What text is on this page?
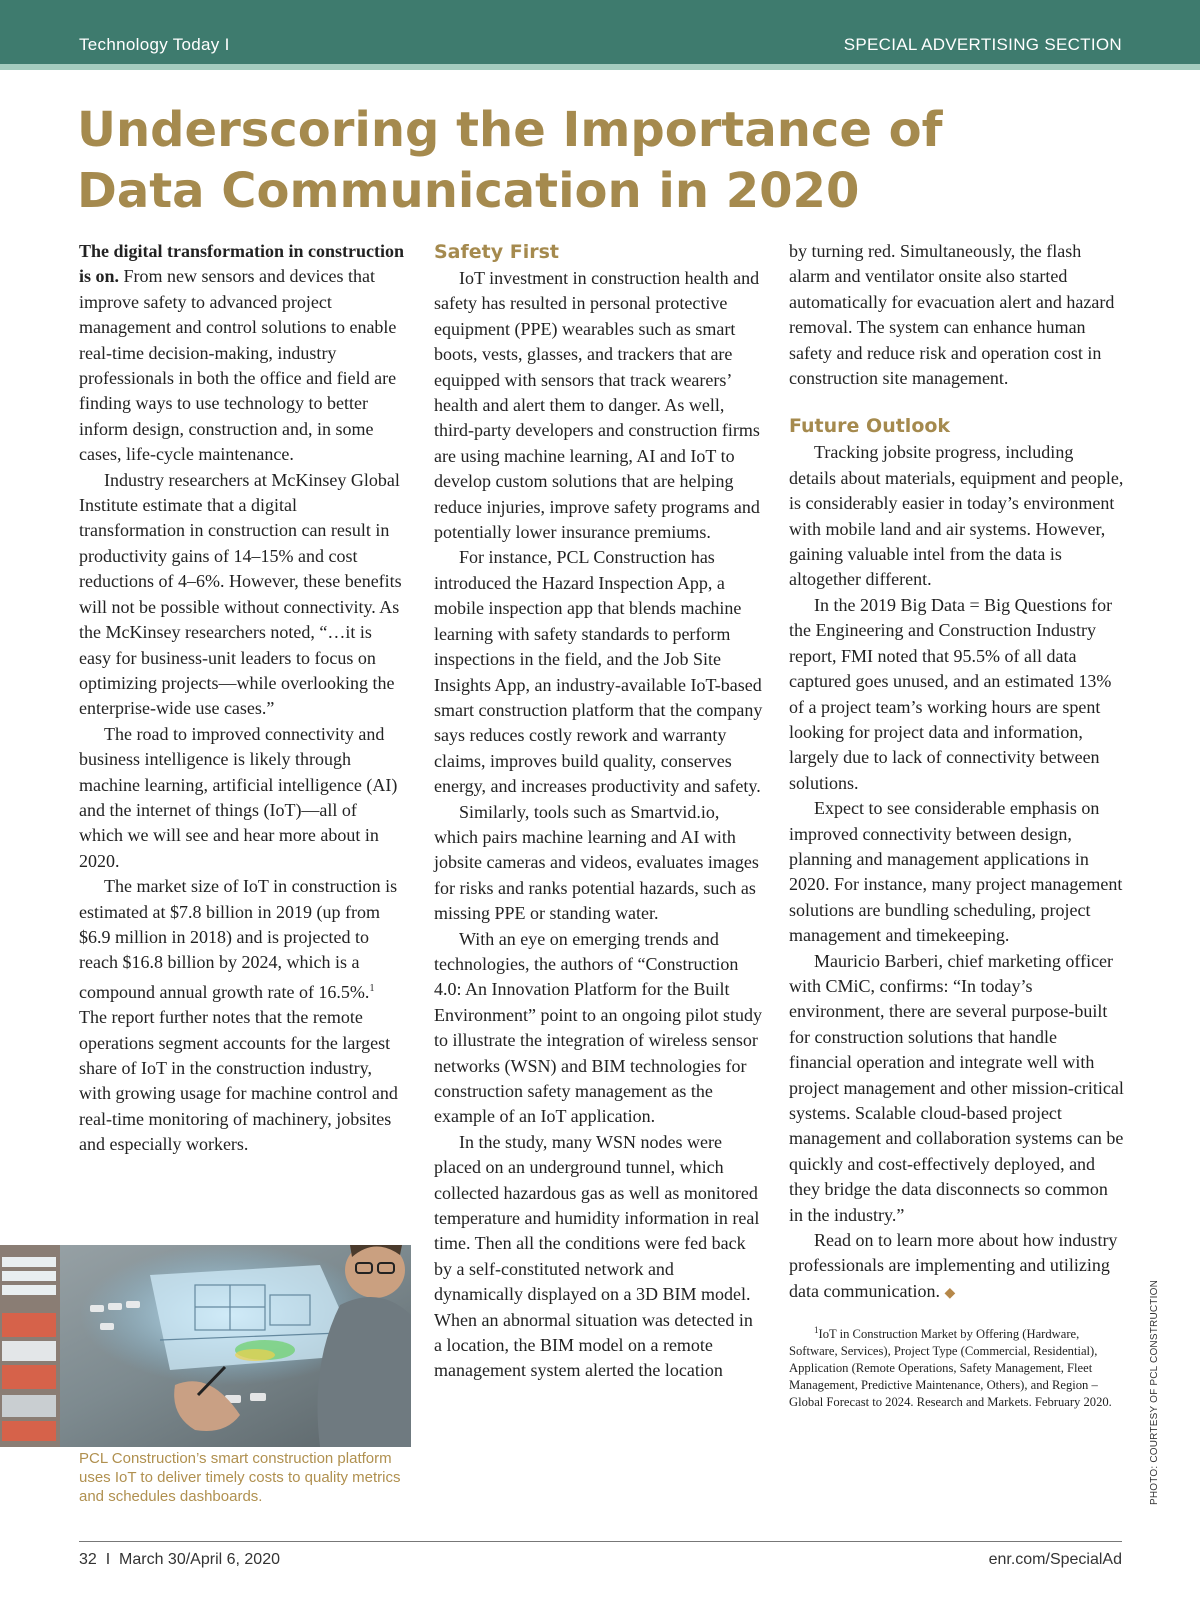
Technology Today I	SPECIAL ADVERTISING SECTION
Underscoring the Importance of Data Communication in 2020

The digital transformation in construction is on. From new sensors and devices that improve safety to advanced project management and control solutions to enable real-time decision-making, industry professionals in both the office and field are finding ways to use technology to better inform design, construction and, in some cases, life-cycle maintenance.

Industry researchers at McKinsey Global Institute estimate that a digital transformation in construction can result in productivity gains of 14–15% and cost reductions of 4–6%. However, these benefits will not be possible without connectivity. As the McKinsey researchers noted, “…it is easy for business-unit leaders to focus on optimizing projects—while overlooking the enterprise-wide use cases.”

The road to improved connectivity and business intelligence is likely through machine learning, artificial intelligence (AI) and the internet of things (IoT)—all of which we will see and hear more about in 2020.

The market size of IoT in construction is estimated at $7.8 billion in 2019 (up from $6.9 million in 2018) and is projected to reach $16.8 billion by 2024, which is a compound annual growth rate of 16.5%.$^1$ The report further notes that the remote operations segment accounts for the largest share of IoT in the construction industry, with growing usage for machine control and real-time monitoring of machinery, jobsites and especially workers.

Safety First

IoT investment in construction health and safety has resulted in personal protective equipment (PPE) wearables such as smart boots, vests, glasses, and trackers that are equipped with sensors that track wearers’ health and alert them to danger. As well, third-party developers and construction firms are using machine learning, AI and IoT to develop custom solutions that are helping reduce injuries, improve safety programs and potentially lower insurance premiums.

For instance, PCL Construction has introduced the Hazard Inspection App, a mobile inspection app that blends machine learning with safety standards to perform inspections in the field, and the Job Site Insights App, an industry-available IoT-based smart construction platform that the company says reduces costly rework and warranty claims, improves build quality, conserves energy, and increases productivity and safety.

Similarly, tools such as Smartvid.io, which pairs machine learning and AI with jobsite cameras and videos, evaluates images for risks and ranks potential hazards, such as missing PPE or standing water.

With an eye on emerging trends and technologies, the authors of “Construction 4.0: An Innovation Platform for the Built Environment” point to an ongoing pilot study to illustrate the integration of wireless sensor networks (WSN) and BIM technologies for construction safety management as the example of an IoT application.

In the study, many WSN nodes were placed on an underground tunnel, which collected hazardous gas as well as monitored temperature and humidity information in real time. Then all the conditions were fed back by a self-constituted network and dynamically displayed on a 3D BIM model. When an abnormal situation was detected in a location, the BIM model on a remote management system alerted the location

by turning red. Simultaneously, the flash alarm and ventilator onsite also started automatically for evacuation alert and hazard removal. The system can enhance human safety and reduce risk and operation cost in construction site management.

Future Outlook

Tracking jobsite progress, including details about materials, equipment and people, is considerably easier in today’s environment with mobile land and air systems. However, gaining valuable intel from the data is altogether different.

In the 2019 Big Data = Big Questions for the Engineering and Construction Industry report, FMI noted that 95.5% of all data captured goes unused, and an estimated 13% of a project team’s working hours are spent looking for project data and information, largely due to lack of connectivity between solutions.

Expect to see considerable emphasis on improved connectivity between design, planning and management applications in 2020. For instance, many project management solutions are bundling scheduling, project management and timekeeping.

Mauricio Barberi, chief marketing officer with CMiC, confirms: “In today’s environment, there are several purpose-built for construction solutions that handle financial operation and integrate well with project management and other mission-critical systems. Scalable cloud-based project management and collaboration systems can be quickly and cost-effectively deployed, and they bridge the data disconnects so common in the industry.”

Read on to learn more about how industry professionals are implementing and utilizing data communication. ◆

$^1$IoT in Construction Market by Offering (Hardware, Software, Services), Project Type (Commercial, Residential), Application (Remote Operations, Safety Management, Fleet Management, Predictive Maintenance, Others), and Region – Global Forecast to 2024. Research and Markets. February 2020.
PCL Construction’s smart construction platform uses IoT to deliver timely costs to quality metrics and schedules dashboards.	PHOTO: COURTESY OF PCL CONSTRUCTION
32  I  March 30/April 6, 2020	enr.com/SpecialAd
